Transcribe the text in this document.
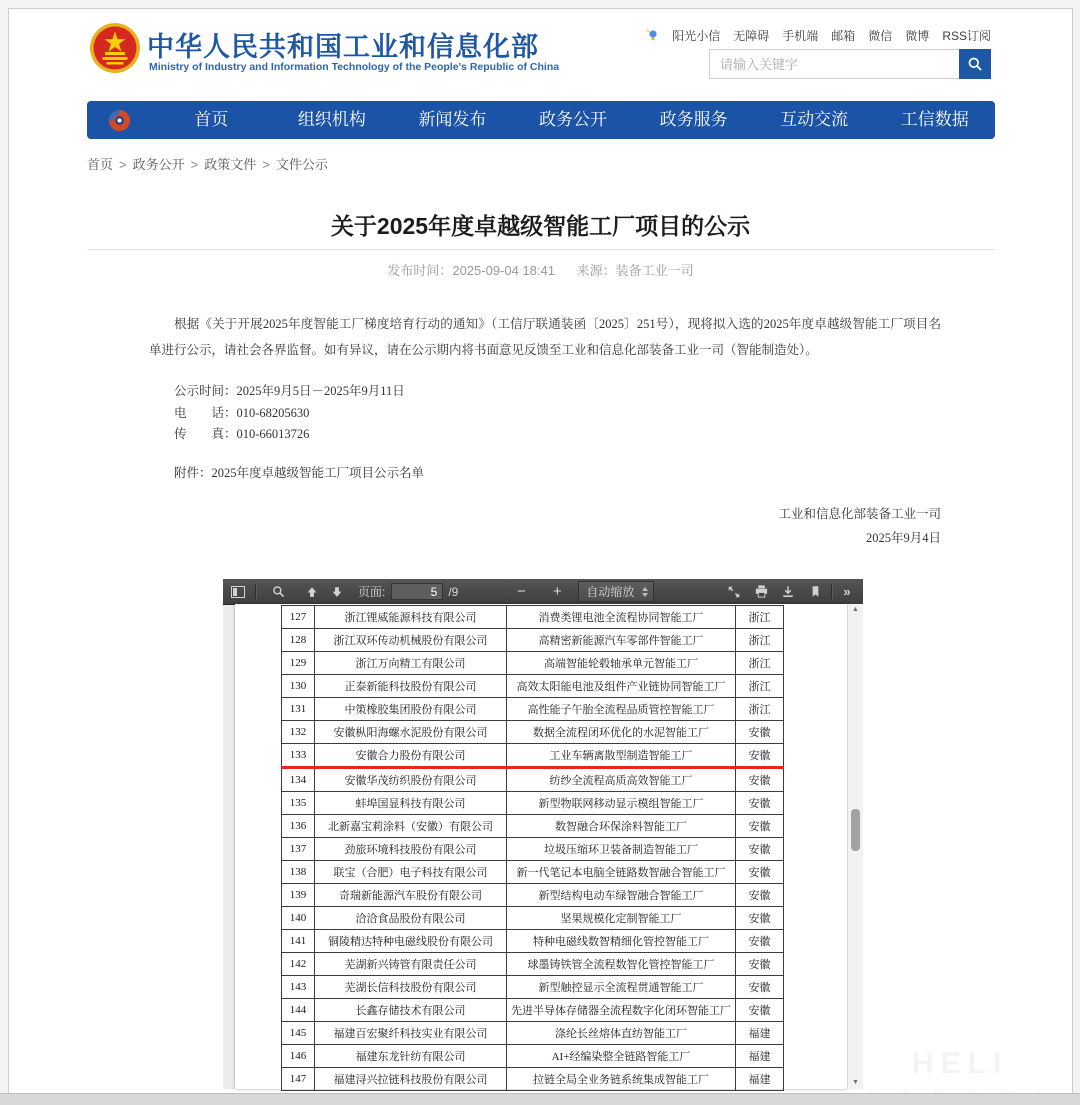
中华人民共和国工业和信息化部
Ministry of Industry and Information Technology of the People's Republic of China
阳光小信 无障碍 手机端 邮箱 微信 微博 RSS订阅
请输入关键字
首页	组织机构	新闻发布	政务公开	政务服务	互动交流	工信数据
首页 > 政务公开 > 政策文件 > 文件公示
关于2025年度卓越级智能工厂项目的公示
发布时间：2025-09-04 18:41 来源：装备工业一司

根据《关于开展2025年度智能工厂梯度培育行动的通知》（工信厅联通装函〔2025〕251号），现将拟入选的2025年度卓越级智能工厂项目名单进行公示，请社会各界监督。如有异议，请在公示期内将书面意见反馈至工业和信息化部装备工业一司（智能制造处）。

公示时间：2025年9月5日－2025年9月11日

电　　话：010-68205630

传　　真：010-66013726

附件：2025年度卓越级智能工厂项目公示名单

工业和信息化部装备工业一司

2025年9月4日

页面:
5	/9	−	+	自动缩放	»
127	浙江锂威能源科技有限公司	消费类锂电池全流程协同智能工厂	浙江
128	浙江双环传动机械股份有限公司	高精密新能源汽车零部件智能工厂	浙江
129	浙江万向精工有限公司	高端智能轮毂轴承单元智能工厂	浙江
130	正泰新能科技股份有限公司	高效太阳能电池及组件产业链协同智能工厂	浙江
131	中策橡胶集团股份有限公司	高性能子午胎全流程品质管控智能工厂	浙江
132	安徽枞阳海螺水泥股份有限公司	数据全流程闭环优化的水泥智能工厂	安徽
133	安徽合力股份有限公司	工业车辆离散型制造智能工厂	安徽
134	安徽华茂纺织股份有限公司	纺纱全流程高质高效智能工厂	安徽
135	蚌埠国显科技有限公司	新型物联网移动显示模组智能工厂	安徽
136	北新嘉宝莉涂料（安徽）有限公司	数智融合环保涂料智能工厂	安徽
137	劲旅环境科技股份有限公司	垃圾压缩环卫装备制造智能工厂	安徽
138	联宝（合肥）电子科技有限公司	新一代笔记本电脑全链路数智融合智能工厂	安徽
139	奇瑞新能源汽车股份有限公司	新型结构电动车绿智融合智能工厂	安徽
140	洽洽食品股份有限公司	坚果规模化定制智能工厂	安徽
141	铜陵精达特种电磁线股份有限公司	特种电磁线数智精细化管控智能工厂	安徽
142	芜湖新兴铸管有限责任公司	球墨铸铁管全流程数智化管控智能工厂	安徽
143	芜湖长信科技股份有限公司	新型触控显示全流程贯通智能工厂	安徽
144	长鑫存储技术有限公司	先进半导体存储器全流程数字化闭环智能工厂	安徽
145	福建百宏聚纤科技实业有限公司	涤纶长丝熔体直纺智能工厂	福建
146	福建东龙针纺有限公司	AI+经编染整全链路智能工厂	福建
147	福建浔兴拉链科技股份有限公司	拉链全局全业务链系统集成智能工厂	福建
▲
▼
HELI
